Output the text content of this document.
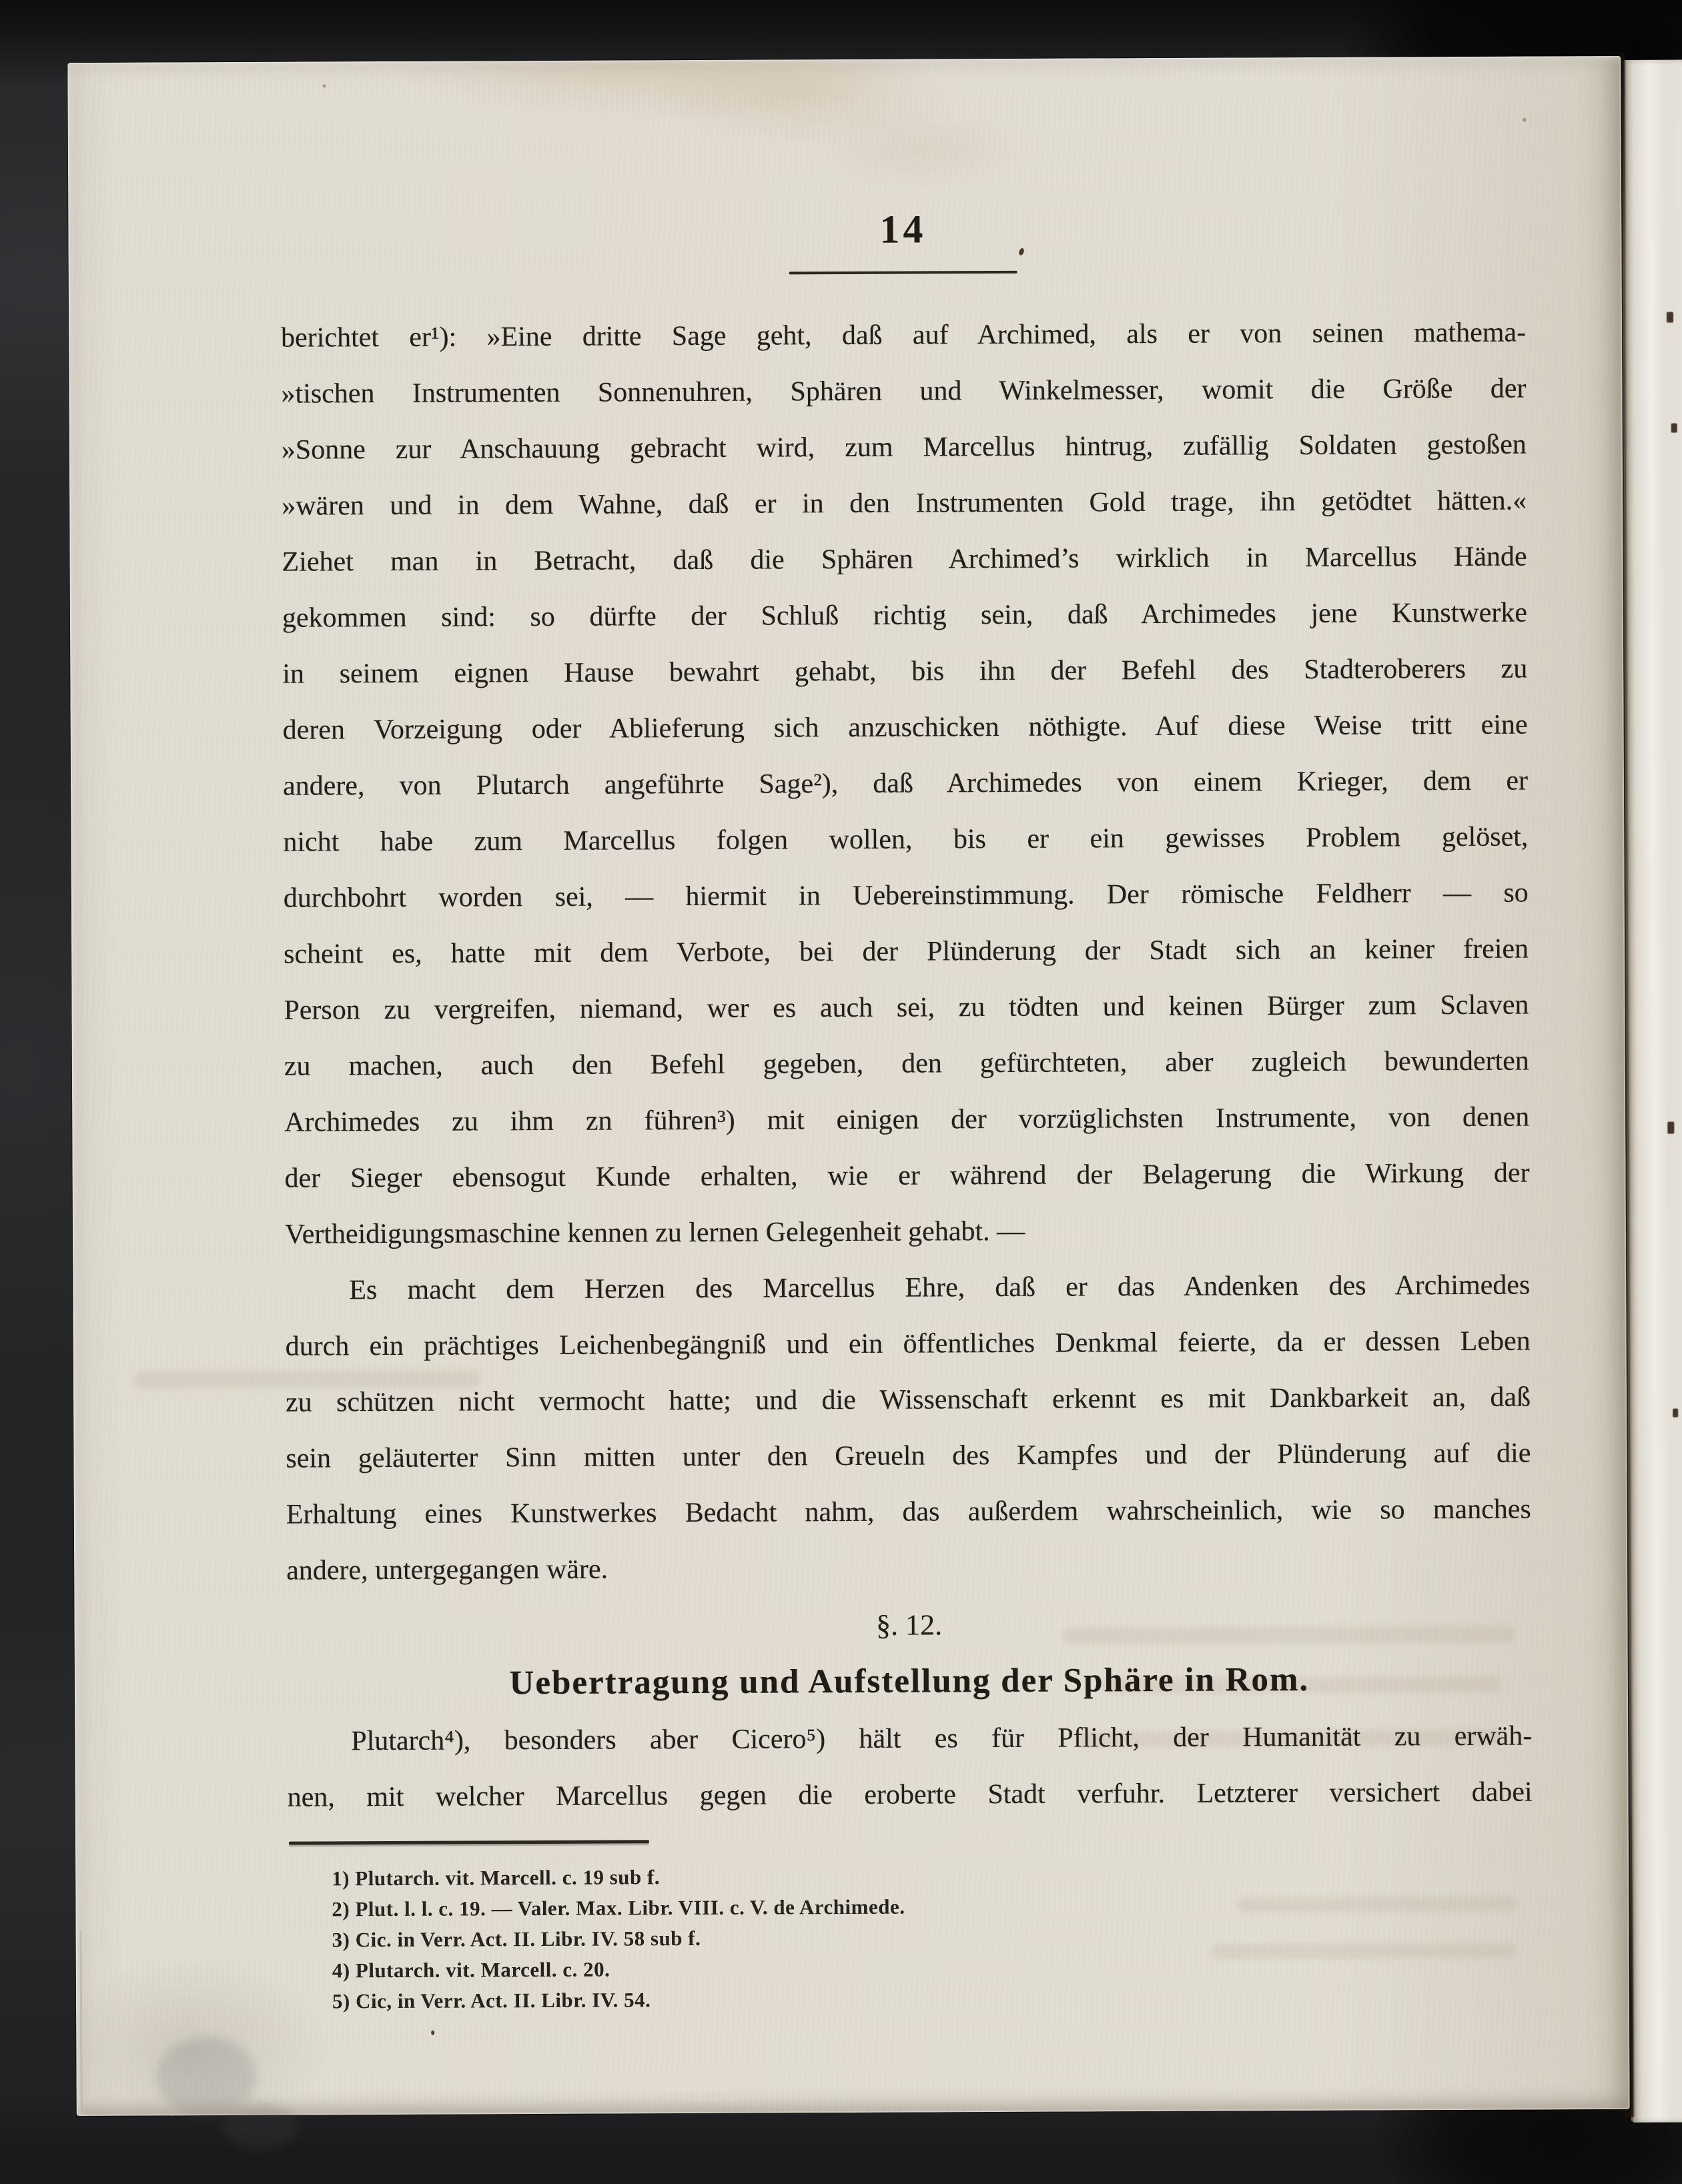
14
berichtet er¹): »Eine dritte Sage geht, daß auf Archimed, als er von seinen mathema-
»tischen Instrumenten Sonnenuhren, Sphären und Winkelmesser, womit die Größe der
»Sonne zur Anschauung gebracht wird, zum Marcellus hintrug, zufällig Soldaten gestoßen
»wären und in dem Wahne, daß er in den Instrumenten Gold trage, ihn getödtet hätten.«
Ziehet man in Betracht, daß die Sphären Archimed’s wirklich in Marcellus Hände
gekommen sind: so dürfte der Schluß richtig sein, daß Archimedes jene Kunstwerke
in seinem eignen Hause bewahrt gehabt, bis ihn der Befehl des Stadteroberers zu
deren Vorzeigung oder Ablieferung sich anzuschicken nöthigte. Auf diese Weise tritt eine
andere, von Plutarch angeführte Sage²), daß Archimedes von einem Krieger, dem er
nicht habe zum Marcellus folgen wollen, bis er ein gewisses Problem gelöset,
durchbohrt worden sei, — hiermit in Uebereinstimmung. Der römische Feldherr — so
scheint es, hatte mit dem Verbote, bei der Plünderung der Stadt sich an keiner freien
Person zu vergreifen, niemand, wer es auch sei, zu tödten und keinen Bürger zum Sclaven
zu machen, auch den Befehl gegeben, den gefürchteten, aber zugleich bewunderten
Archimedes zu ihm zn führen³) mit einigen der vorzüglichsten Instrumente, von denen
der Sieger ebensogut Kunde erhalten, wie er während der Belagerung die Wirkung der
Vertheidigungsmaschine kennen zu lernen Gelegenheit gehabt. —
Es macht dem Herzen des Marcellus Ehre, daß er das Andenken des Archimedes
durch ein prächtiges Leichenbegängniß und ein öffentliches Denkmal feierte, da er dessen Leben
zu schützen nicht vermocht hatte; und die Wissenschaft erkennt es mit Dankbarkeit an, daß
sein geläuterter Sinn mitten unter den Greueln des Kampfes und der Plünderung auf die
Erhaltung eines Kunstwerkes Bedacht nahm, das außerdem wahrscheinlich, wie so manches
andere, untergegangen wäre.
§. 12.
Uebertragung und Aufstellung der Sphäre in Rom.
Plutarch⁴), besonders aber Cicero⁵) hält es für Pflicht, der Humanität zu erwäh-
nen, mit welcher Marcellus gegen die eroberte Stadt verfuhr. Letzterer versichert dabei
1) Plutarch. vit. Marcell. c. 19 sub f.
2) Plut. l. l. c. 19. — Valer. Max. Libr. VIII. c. V. de Archimede.
3) Cic. in Verr. Act. II. Libr. IV. 58 sub f.
4) Plutarch. vit. Marcell. c. 20.
5) Cic, in Verr. Act. II. Libr. IV. 54.
